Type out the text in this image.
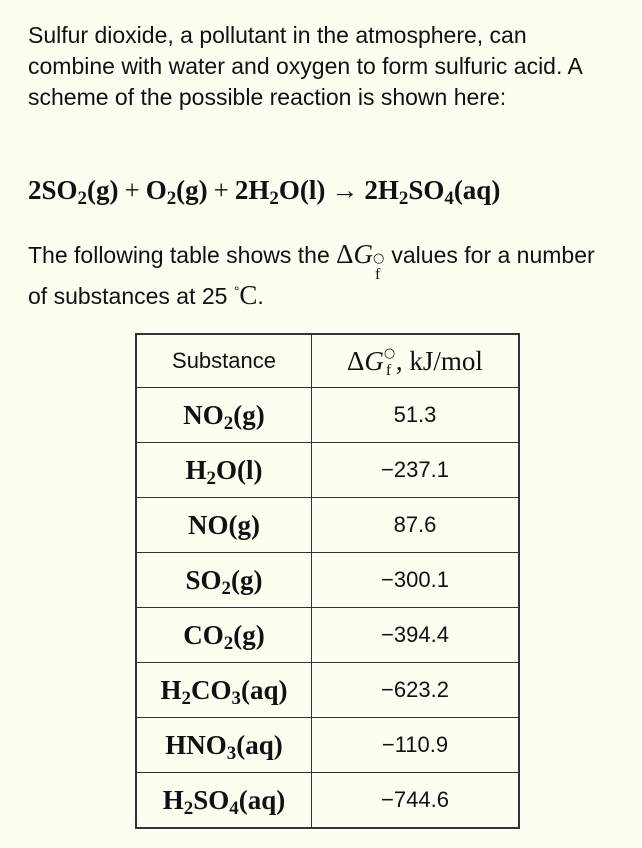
Sulfur dioxide, a pollutant in the atmosphere, can combine with water and oxygen to form sulfuric acid. A scheme of the possible reaction is shown here:

2SO2(g) + O2(g) + 2H2O(l) → 2H2SO4(aq)

The following table shows the ΔG ○
f
values for a number of substances at 25 °C.

Substance	ΔG ○
f , kJ/mol
NO2(g)	51.3
H2O(l)	−237.1
NO(g)	87.6
SO2(g)	−300.1
CO2(g)	−394.4
H2CO3(aq)	−623.2
HNO3(aq)	−110.9
H2SO4(aq)	−744.6
